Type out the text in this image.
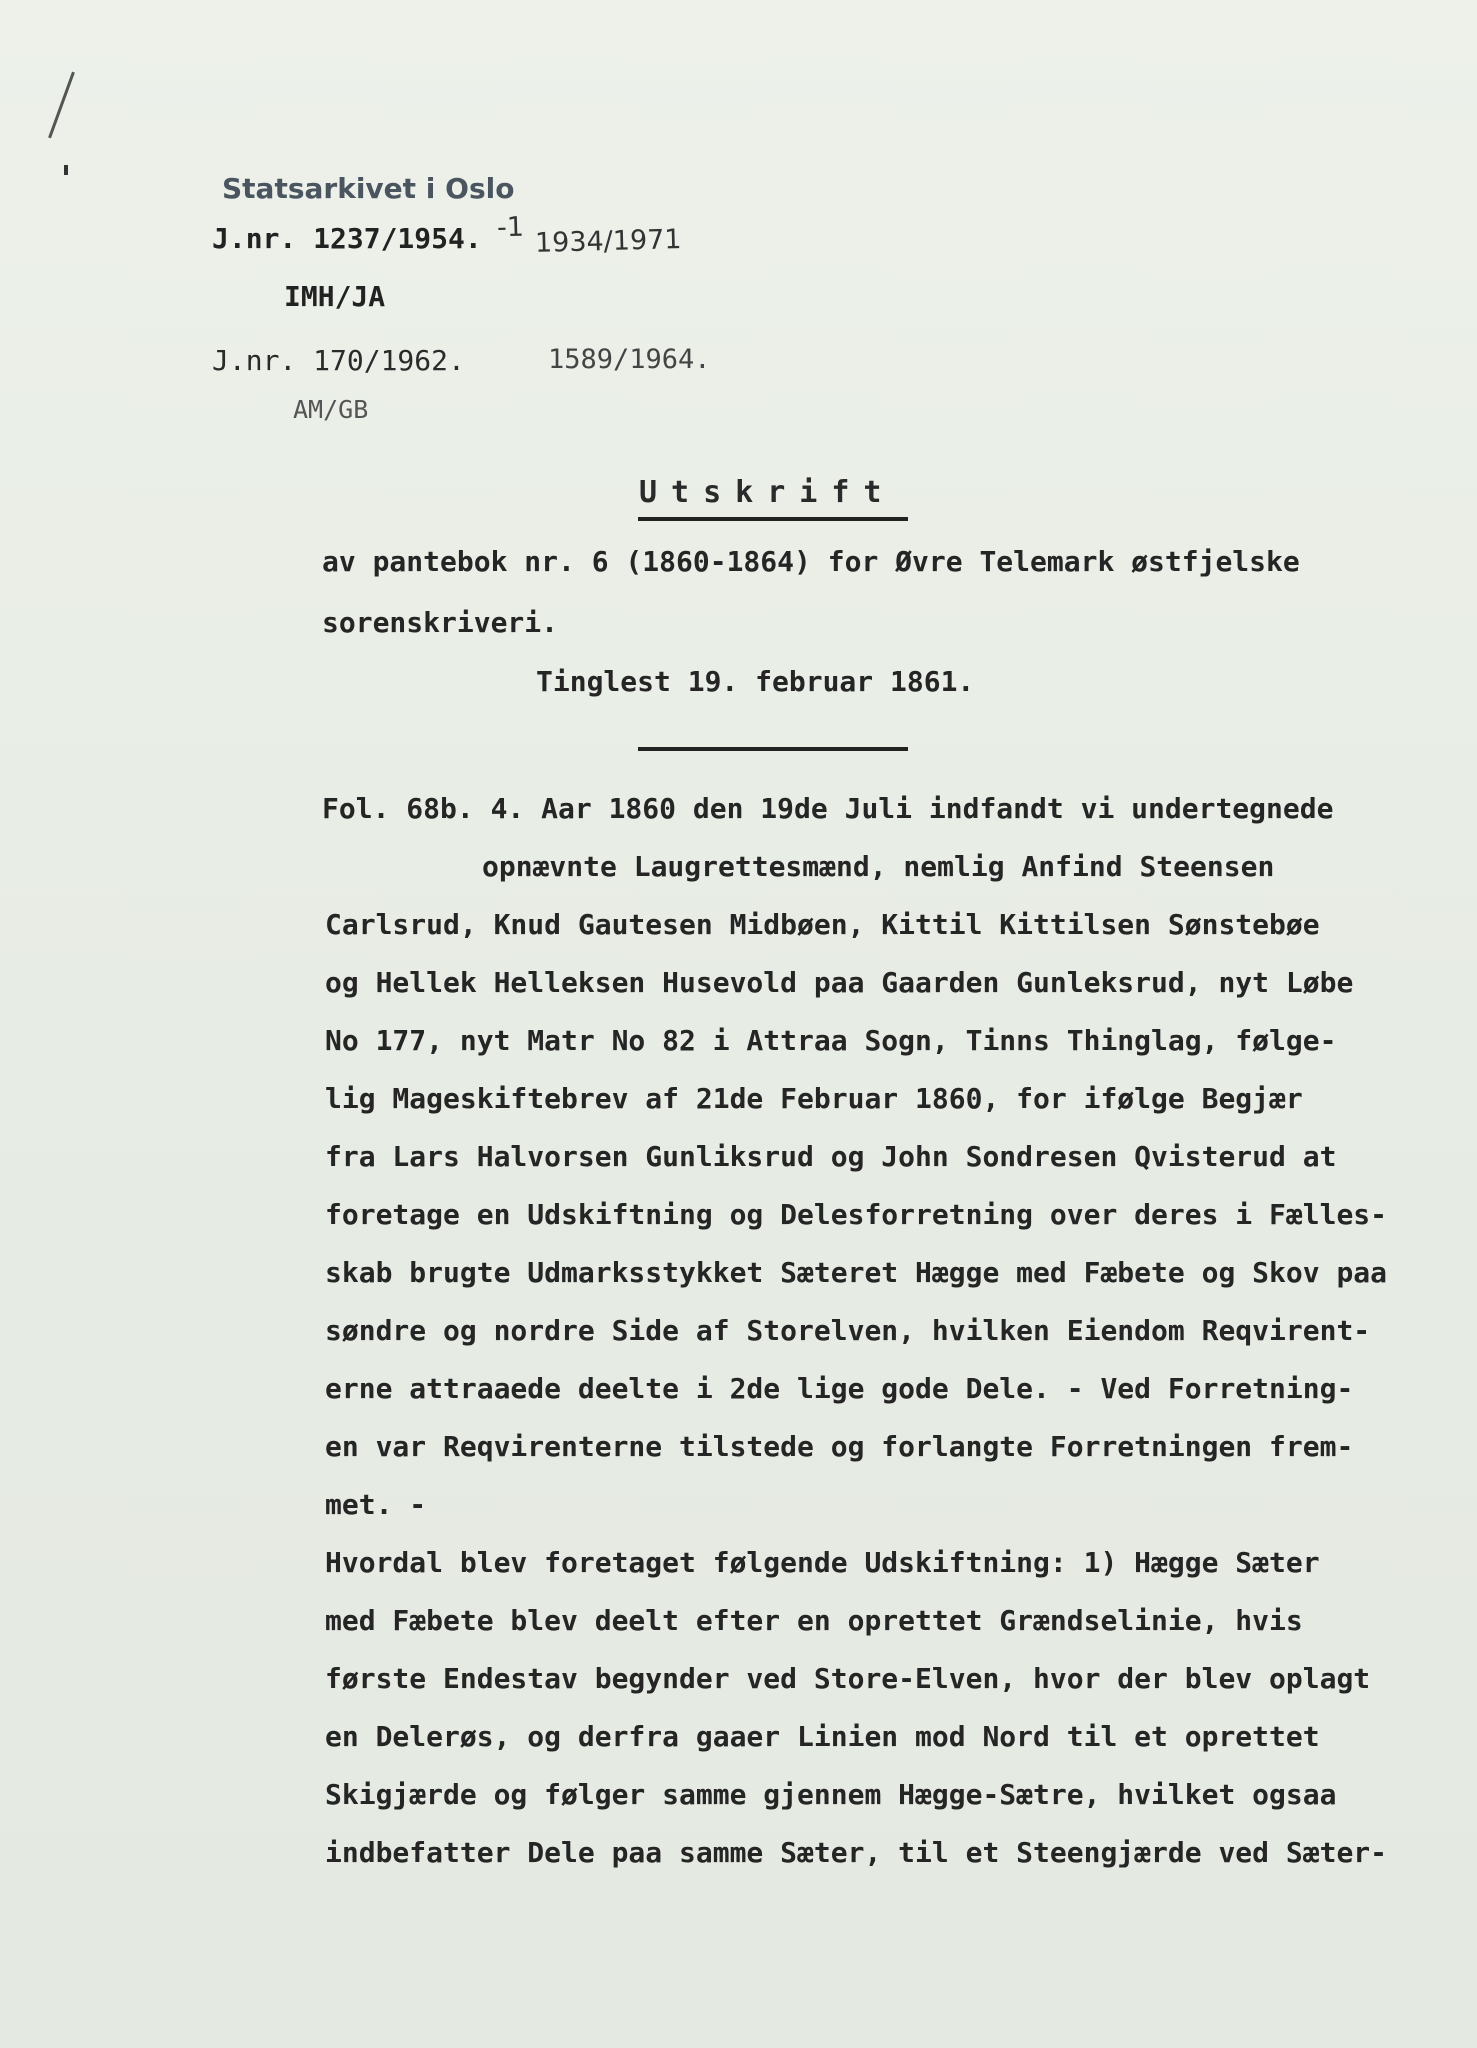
Statsarkivet i Oslo
J.nr. 1237/1954. -1 1934/1971
IMH/JA
J.nr. 170/1962.	1589/1964.
AM/GB
Utskrift
av pantebok nr. 6 (1860-1864) for Øvre Telemark østfjelske
sorenskriveri.
Tinglest 19. februar 1861.
Fol. 68b. 4. Aar 1860 den 19de Juli indfandt vi undertegnede
opnævnte Laugrettesmænd, nemlig Anfind Steensen
Carlsrud, Knud Gautesen Midbøen, Kittil Kittilsen Sønstebøe
og Hellek Helleksen Husevold paa Gaarden Gunleksrud, nyt Løbe
No 177, nyt Matr No 82 i Attraa Sogn, Tinns Thinglag, følge-
lig Mageskiftebrev af 21de Februar 1860, for ifølge Begjær
fra Lars Halvorsen Gunliksrud og John Sondresen Qvisterud at
foretage en Udskiftning og Delesforretning over deres i Fælles-
skab brugte Udmarksstykket Sæteret Hægge med Fæbete og Skov paa
søndre og nordre Side af Storelven, hvilken Eiendom Reqvirent-
erne attraaede deelte i 2de lige gode Dele. - Ved Forretning-
en var Reqvirenterne tilstede og forlangte Forretningen frem-
met. -
Hvordal blev foretaget følgende Udskiftning: 1) Hægge Sæter
med Fæbete blev deelt efter en oprettet Grændselinie, hvis
første Endestav begynder ved Store-Elven, hvor der blev oplagt
en Delerøs, og derfra gaaer Linien mod Nord til et oprettet
Skigjærde og følger samme gjennem Hægge-Sætre, hvilket ogsaa
indbefatter Dele paa samme Sæter, til et Steengjærde ved Sæter-
